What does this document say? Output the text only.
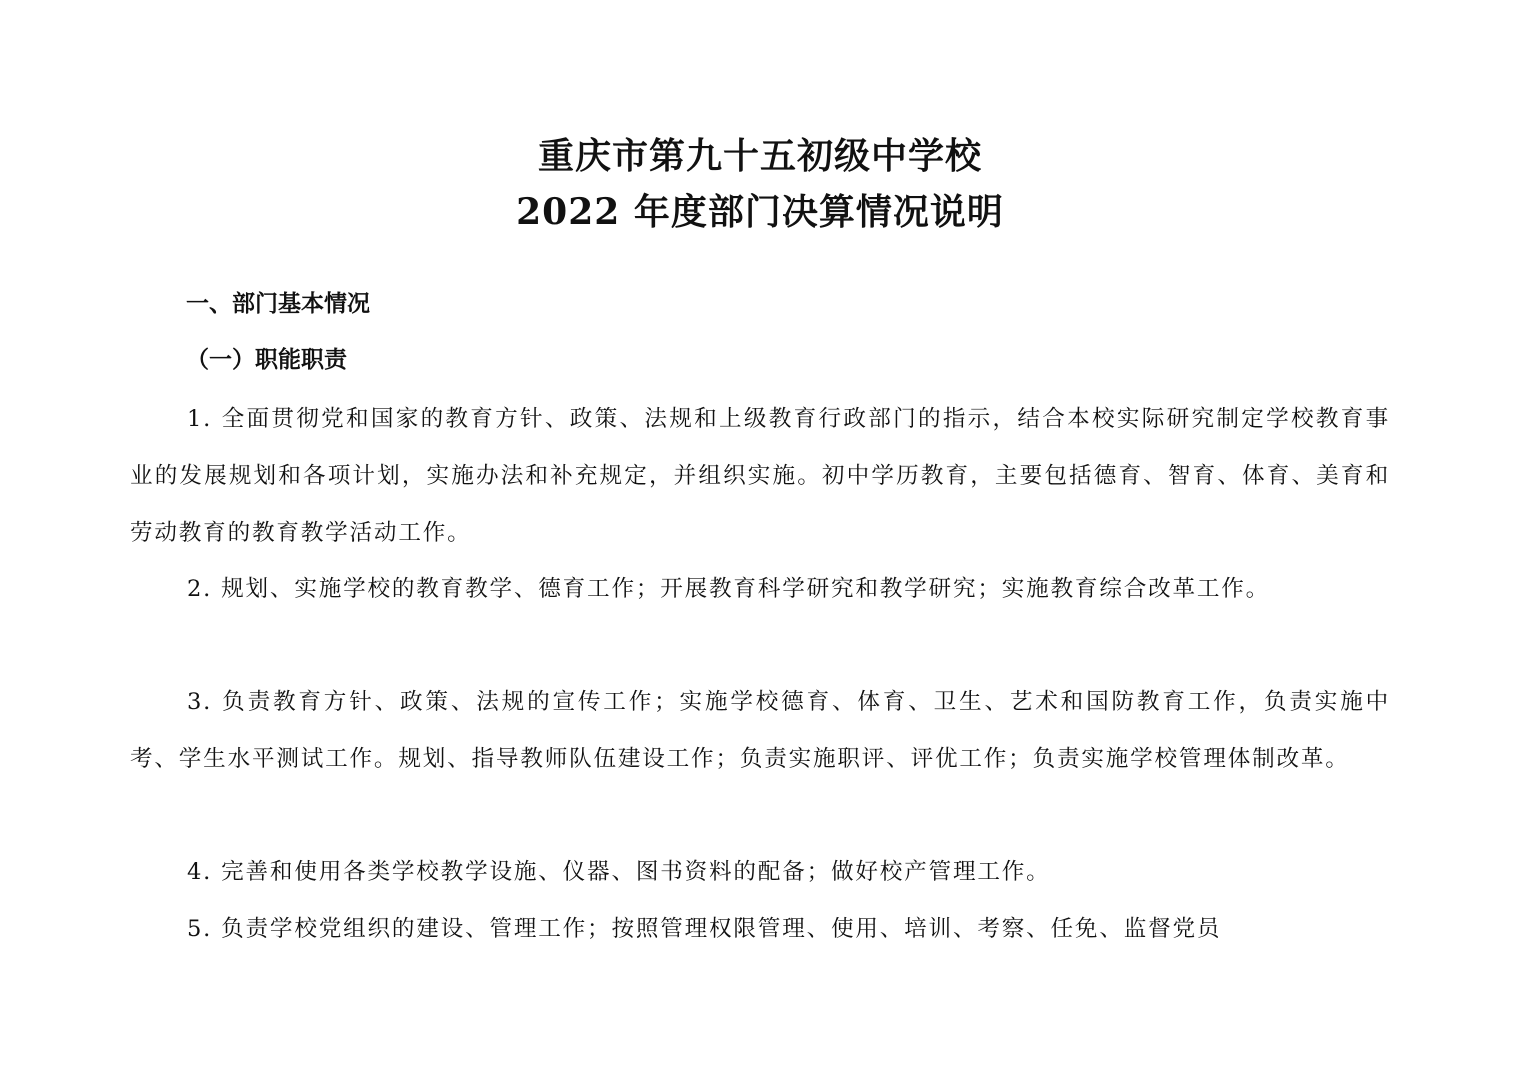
重庆市第九十五初级中学校
2022 年度部门决算情况说明
一、部门基本情况
（一）职能职责

1. 全面贯彻党和国家的教育方针、政策、法规和上级教育行政部门的指示，结合本校实际研究制定学校教育事业的发展规划和各项计划，实施办法和补充规定，并组织实施。初中学历教育，主要包括德育、智育、体育、美育和劳动教育的教育教学活动工作。

2. 规划、实施学校的教育教学、德育工作；开展教育科学研究和教学研究；实施教育综合改革工作。

3. 负责教育方针、政策、法规的宣传工作；实施学校德育、体育、卫生、艺术和国防教育工作，负责实施中考、学生水平测试工作。规划、指导教师队伍建设工作；负责实施职评、评优工作；负责实施学校管理体制改革。

4. 完善和使用各类学校教学设施、仪器、图书资料的配备；做好校产管理工作。

5. 负责学校党组织的建设、管理工作；按照管理权限管理、使用、培训、考察、任免、监督党员
